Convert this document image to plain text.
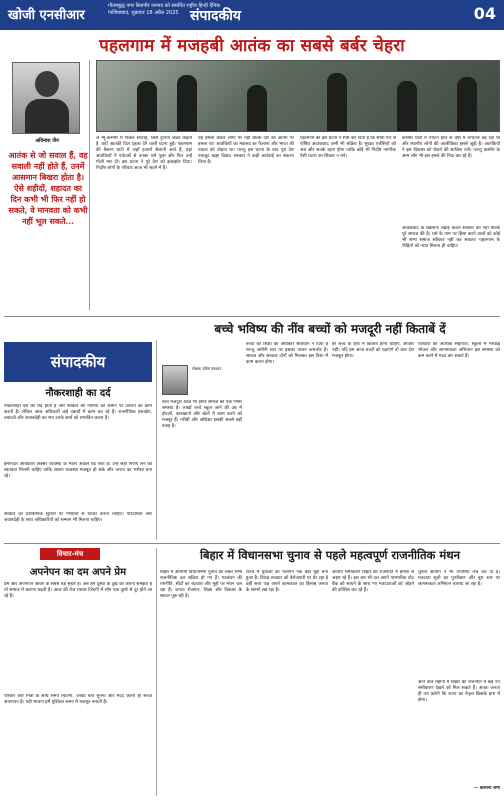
खोजी एनसीआर
गौतमबुद्ध नगर बिजनौर जनपद को समर्पित राष्ट्रीय हिन्दी दैनिक
गाजियाबाद, शुक्रवार 18 अप्रैल 2025 संपादकीय	04
पहलगाम में मजहबी आतंक का सबसे बर्बर चेहरा
अविनाश जैन
आतंक से जो सवाल हैं, वह सवाली नहीं होते हैं, उनमें आसमान बिखरा होता है। ऐसे शहीदों, शहादत का दिन कभी भी फिर नहीं हो सकते, वे मानवता को कभी नहीं भूल सकते...
ज म्मू-कश्मीर में पिछले सप्ताह, जिसे दुनिया जन्नत कहती है, वहाँ आतंकी दिल दहला देने वाली घटना हुई। पहलगाम की बैसरन घाटी में जहाँ हजारों सैलानी आते हैं, वहां आतंकियों ने पर्यटकों से उनका धर्म पूछा और फिर उन्हें गोली मार दी। इस घटना ने पूरे देश को झकझोर दिया। निर्दोष लोगों के परिवार आज भी सदमे में हैं।
यह हमला केवल लोगों पर नहीं बल्कि देश की आत्मा पर हमला था। आतंकियों का मकसद डर फैलाना और भारत की एकता को तोड़ना था। परन्तु इस घटना के बाद पूरा देश एकजुट खड़ा दिखा। सरकार ने कड़ी कार्रवाई का संकल्प लिया है।
पहलगाम की इस घटना ने स्पष्ट कर दिया है कि सीमा पार से पोषित आतंकवाद अभी भी सक्रिय है। सुरक्षा एजेंसियों को अब और सतर्क रहना होगा ताकि कोई भी निर्दोष नागरिक ऐसी घटना का शिकार न बने।
कश्मीर घाटी में पर्यटन हाल के वर्षों में लगातार बढ़ रहा था और स्थानीय लोगों की आजीविका इससे जुड़ी है। आतंकियों ने इस विकास को रोकने की साजिश रची। परन्तु कश्मीर के आम लोग भी इस हमले की निंदा कर रहे हैं।
आतंकवाद के खिलाफ लड़ाई केवल सरकार की नहीं बल्कि पूरे समाज की है। धर्म के नाम पर हिंसा करने वालों को कोई भी सभ्य समाज स्वीकार नहीं कर सकता। पहलगाम के पीड़ितों को न्याय मिलना ही चाहिए।
बच्चे भविष्य की नींव बच्चों को मजदूरी नहीं किताबें दें
संपादकीय
नौकरशाही का दर्द
नौकरशाही देश की रीढ़ होती है और सरकार की नीतियों को जमीन पर उतारने का काम करती है। लेकिन आज अधिकारी कई दबावों में काम कर रहे हैं। राजनीतिक हस्तक्षेप, तबादले और जवाबदेही का भय उनके कार्य को प्रभावित करता है।
ईमानदार अधिकारी अक्सर व्यवस्था के भीतर अकेले पड़ जाते हैं। उन्हें सही निर्णय लेने की स्वतंत्रता मिलनी चाहिए ताकि शासन व्यवस्था मजबूत हो सके और जनता का भरोसा बना रहे।
सरकार को प्रशासनिक सुधारों पर गंभीरता से विचार करना चाहिए। पारदर्शिता और जवाबदेही के साथ अधिकारियों को सम्मान भी मिलना चाहिए।
लेखक वरिष्ठ पत्रकार
बाल मजदूरी आज भी हमारे समाज की एक गंभीर समस्या है। लाखों बच्चे स्कूल जाने की उम्र में होटलों, कारखानों और खेतों में काम करने को मजबूर हैं। गरीबी और अशिक्षा इसकी सबसे बड़ी वजह है।
बच्चों को शिक्षा का अधिकार संविधान ने दिया है परन्तु जमीनी स्तर पर इसका पालन कमजोर है। समाज और सरकार दोनों को मिलकर इस दिशा में काम करना होगा।
हर बच्चे के हाथ में किताब होनी चाहिए, औजार नहीं। यदि हम आज बच्चों को पढ़ाएंगे तो कल देश मजबूत होगा।
परिवारों को आर्थिक सहायता, स्कूलों में मध्याह्न भोजन और जागरूकता अभियान इस समस्या को कम करने में मदद कर सकते हैं।
विचार-मंच
अपनेपन का दम अपने प्रेम
प्रेम और अपनापन जीवन के सबसे बड़े सहारे हैं। जब हम दूसरों के दुख को अपना समझते हैं तो समाज में करुणा बढ़ती है। आज की तेज रफ्तार जिंदगी में लोग एक दूसरे से दूर होते जा रहे हैं।
परिवार और मित्रों के साथ समय बिताना, उनकी बात सुनना और मदद करना ही सच्चा अपनापन है। यही भावना हमें मुश्किल समय में मजबूत बनाती है।
बिहार में विधानसभा चुनाव से पहले महत्वपूर्ण राजनीतिक मंथन
बिहार में आगामी विधानसभा चुनाव को लेकर सभी राजनीतिक दल सक्रिय हो गए हैं। गठबंधन की रणनीति, सीटों का बंटवारा और मुद्दों पर मंथन चल रहा है। जनता रोजगार, शिक्षा और विकास के सवाल पूछ रही है।
राज्य में युवाओं का पलायन एक बड़ा मुद्दा बना हुआ है। विपक्ष सरकार को बेरोजगारी पर घेर रहा है वहीं सत्ता पक्ष अपने कामकाज का हिसाब जनता के सामने रख रहा है।
जातीय समीकरण बिहार की राजनीति में हमेशा से अहम रहे हैं। इस बार भी दल अपने पारम्परिक वोट बैंक को साधने के साथ नए मतदाताओं को जोड़ने की कोशिश कर रहे हैं।
चुनाव आयोग ने भी तैयारियां तेज कर दी हैं। मतदाता सूची का पुनरीक्षण और बूथ स्तर पर जागरूकता अभियान चलाया जा रहा है।
आने वाले महीनों में बिहार की राजनीति में कई नए समीकरण देखने को मिल सकते हैं। अंततः जनता ही तय करेगी कि राज्य का नेतृत्व किसके हाथ में होगा।
— कल्पना शर्मा
